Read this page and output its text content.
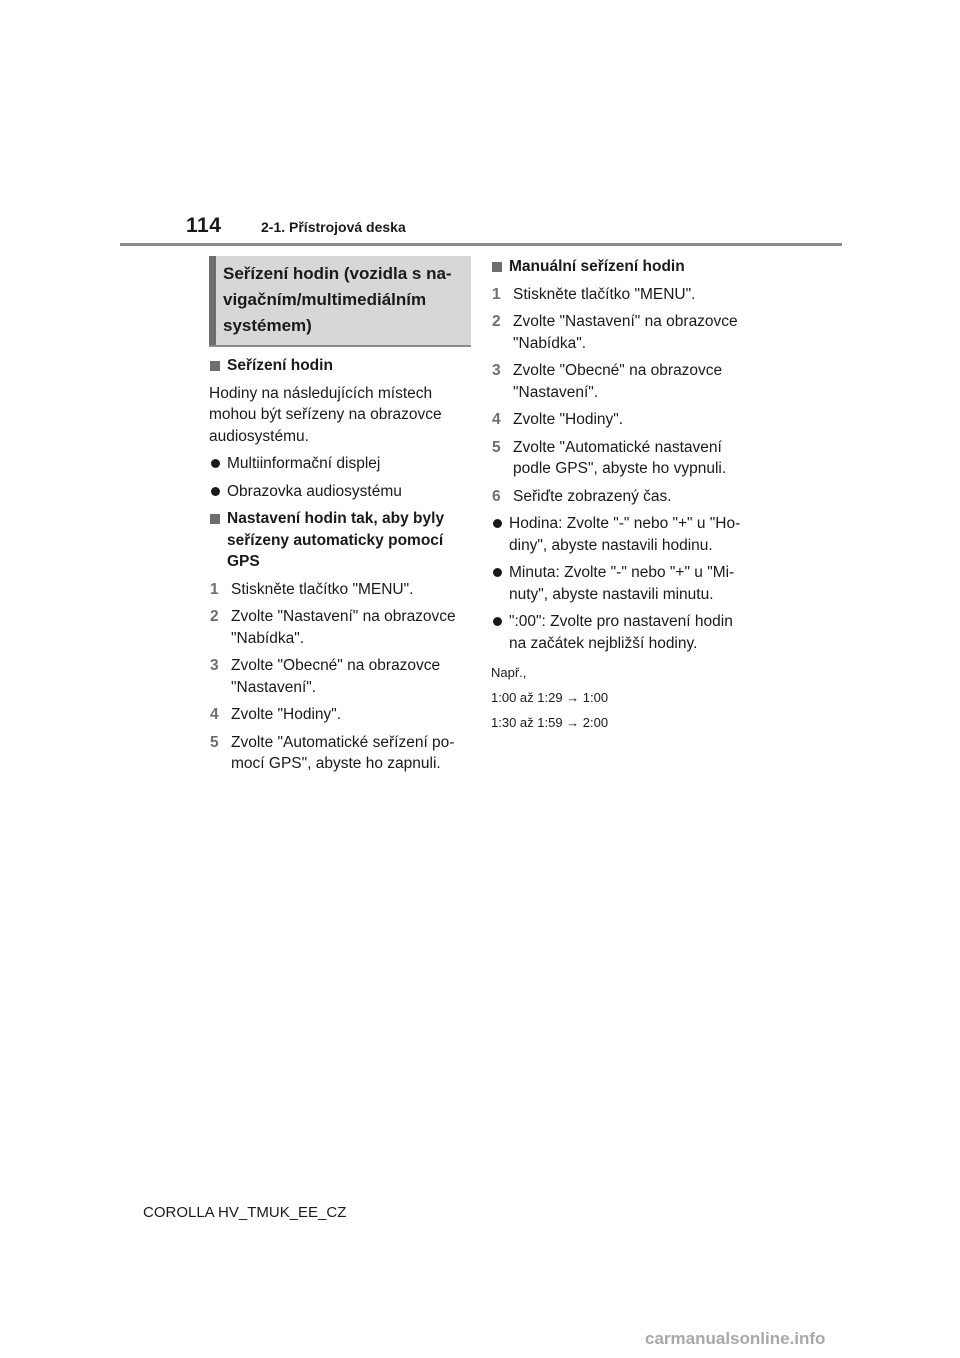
114	2-1. Přístrojová deska
Seřízení hodin (vozidla s na-
vigačním/multimediálním
systémem)
Seřízení hodin
Hodiny na následujících místech
mohou být seřízeny na obrazovce
audiosystému.
Multiinformační displej
Obrazovka audiosystému
Nastavení hodin tak, aby byly
seřízeny automaticky pomocí
GPS
1 Stiskněte tlačítko "MENU".
2 Zvolte "Nastavení" na obrazovce
"Nabídka".
3 Zvolte "Obecné" na obrazovce
"Nastavení".
4 Zvolte "Hodiny".
5 Zvolte "Automatické seřízení po-
mocí GPS", abyste ho zapnuli.
Manuální seřízení hodin
1 Stiskněte tlačítko "MENU".
2 Zvolte "Nastavení" na obrazovce
"Nabídka".
3 Zvolte "Obecné" na obrazovce
"Nastavení".
4 Zvolte "Hodiny".
5 Zvolte "Automatické nastavení
podle GPS", abyste ho vypnuli.
6 Seřiďte zobrazený čas.
Hodina: Zvolte "-" nebo "+" u "Ho-
diny", abyste nastavili hodinu.
Minuta: Zvolte "-" nebo "+" u "Mi-
nuty", abyste nastavili minutu.
":00": Zvolte pro nastavení hodin
na začátek nejbližší hodiny.
Např.,
1:00 až 1:29 → 1:00
1:30 až 1:59 → 2:00
COROLLA HV_TMUK_EE_CZ
carmanualsonline.info
